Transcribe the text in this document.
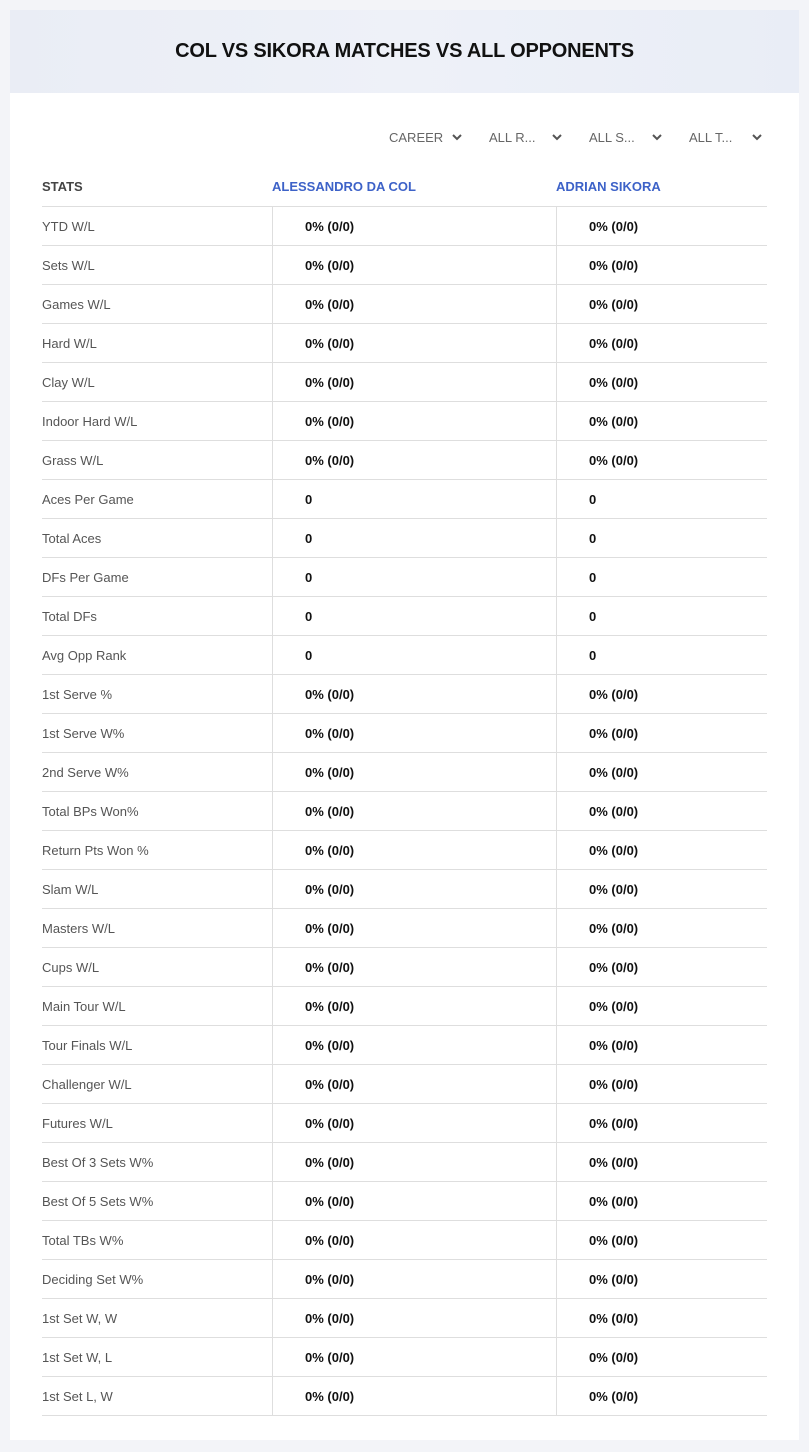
COL VS SIKORA MATCHES VS ALL OPPONENTS
CAREER	ALL R...	ALL S...	ALL T...
STATS	ALESSANDRO DA COL	ADRIAN SIKORA
YTD W/L	0% (0/0)	0% (0/0)
Sets W/L	0% (0/0)	0% (0/0)
Games W/L	0% (0/0)	0% (0/0)
Hard W/L	0% (0/0)	0% (0/0)
Clay W/L	0% (0/0)	0% (0/0)
Indoor Hard W/L	0% (0/0)	0% (0/0)
Grass W/L	0% (0/0)	0% (0/0)
Aces Per Game	0	0
Total Aces	0	0
DFs Per Game	0	0
Total DFs	0	0
Avg Opp Rank	0	0
1st Serve %	0% (0/0)	0% (0/0)
1st Serve W%	0% (0/0)	0% (0/0)
2nd Serve W%	0% (0/0)	0% (0/0)
Total BPs Won%	0% (0/0)	0% (0/0)
Return Pts Won %	0% (0/0)	0% (0/0)
Slam W/L	0% (0/0)	0% (0/0)
Masters W/L	0% (0/0)	0% (0/0)
Cups W/L	0% (0/0)	0% (0/0)
Main Tour W/L	0% (0/0)	0% (0/0)
Tour Finals W/L	0% (0/0)	0% (0/0)
Challenger W/L	0% (0/0)	0% (0/0)
Futures W/L	0% (0/0)	0% (0/0)
Best Of 3 Sets W%	0% (0/0)	0% (0/0)
Best Of 5 Sets W%	0% (0/0)	0% (0/0)
Total TBs W%	0% (0/0)	0% (0/0)
Deciding Set W%	0% (0/0)	0% (0/0)
1st Set W, W	0% (0/0)	0% (0/0)
1st Set W, L	0% (0/0)	0% (0/0)
1st Set L, W	0% (0/0)	0% (0/0)
